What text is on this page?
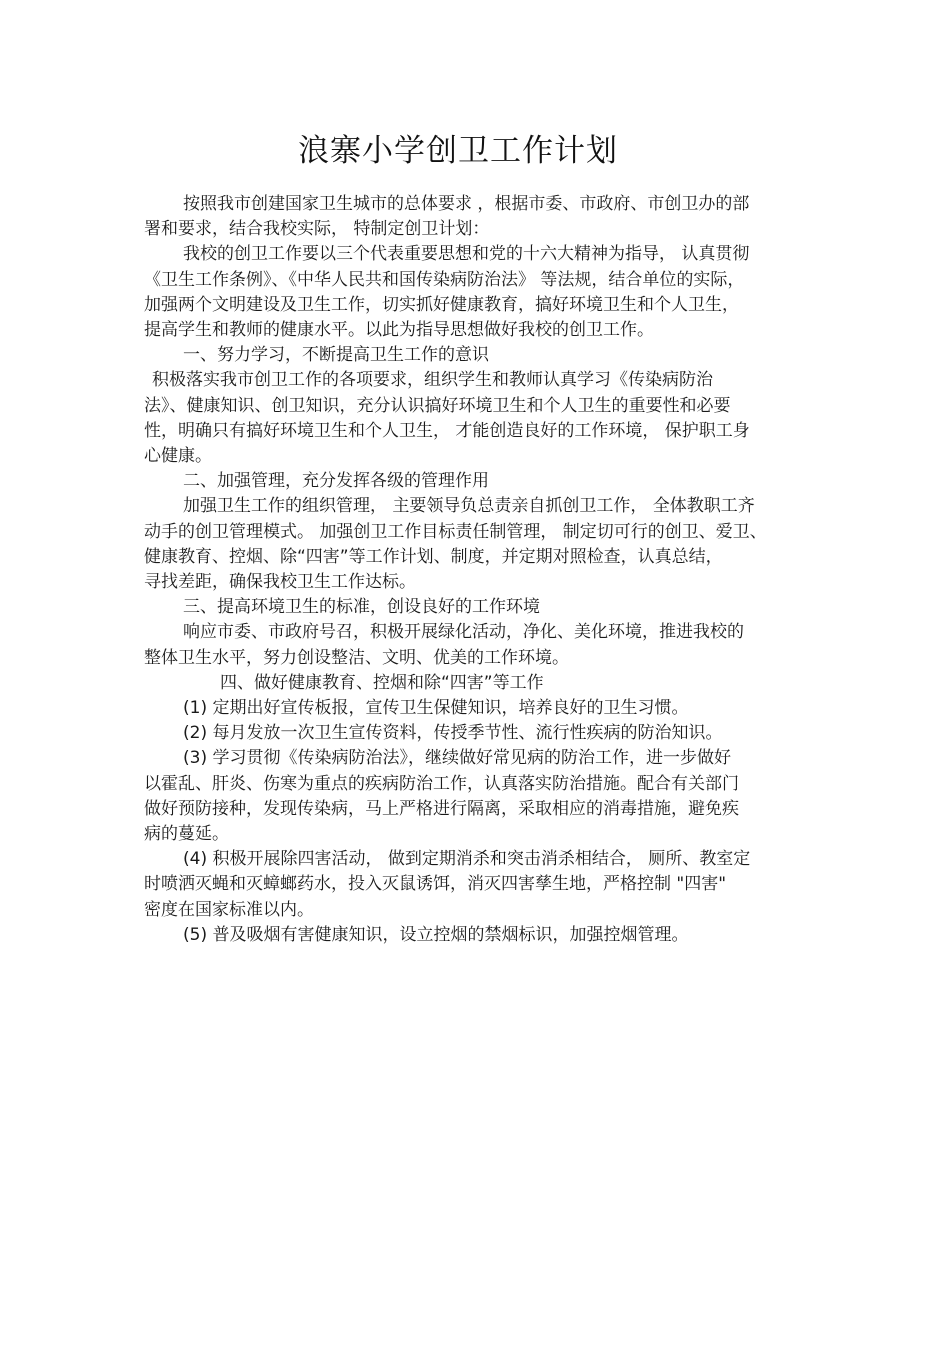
浪寨小学创卫工作计划
按照我市创建国家卫生城市的总体要求 ，根据市委、市政府、市创卫办的部
署和要求，结合我校实际， 特制定创卫计划：
我校的创卫工作要以三个代表重要思想和党的十六大精神为指导， 认真贯彻
《卫生工作条例》、《中华人民共和国传染病防治法》 等法规，结合单位的实际，
加强两个文明建设及卫生工作，切实抓好健康教育，搞好环境卫生和个人卫生，
提高学生和教师的健康水平。以此为指导思想做好我校的创卫工作。
一、努力学习，不断提高卫生工作的意识
积极落实我市创卫工作的各项要求，组织学生和教师认真学习《传染病防治
法》、健康知识、创卫知识，充分认识搞好环境卫生和个人卫生的重要性和必要
性，明确只有搞好环境卫生和个人卫生， 才能创造良好的工作环境， 保护职工身
心健康。
二、加强管理，充分发挥各级的管理作用
加强卫生工作的组织管理， 主要领导负总责亲自抓创卫工作， 全体教职工齐
动手的创卫管理模式。 加强创卫工作目标责任制管理， 制定切可行的创卫、爱卫、
健康教育、控烟、除“四害”等工作计划、制度，并定期对照检查，认真总结，
寻找差距，确保我校卫生工作达标。
三、提高环境卫生的标准，创设良好的工作环境
响应市委、市政府号召，积极开展绿化活动，净化、美化环境，推进我校的
整体卫生水平，努力创设整洁、文明、优美的工作环境。
四、做好健康教育、控烟和除“四害”等工作
(1) 定期出好宣传板报，宣传卫生保健知识，培养良好的卫生习惯。
(2) 每月发放一次卫生宣传资料，传授季节性、流行性疾病的防治知识。
(3) 学习贯彻《传染病防治法》，继续做好常见病的防治工作，进一步做好
以霍乱、肝炎、伤寒为重点的疾病防治工作，认真落实防治措施。配合有关部门
做好预防接种，发现传染病，马上严格进行隔离，采取相应的消毒措施，避免疾
病的蔓延。
(4) 积极开展除四害活动， 做到定期消杀和突击消杀相结合， 厕所、教室定
时喷洒灭蝇和灭蟑螂药水，投入灭鼠诱饵，消灭四害孳生地，严格控制 "四害"
密度在国家标准以内。
(5) 普及吸烟有害健康知识，设立控烟的禁烟标识，加强控烟管理。
